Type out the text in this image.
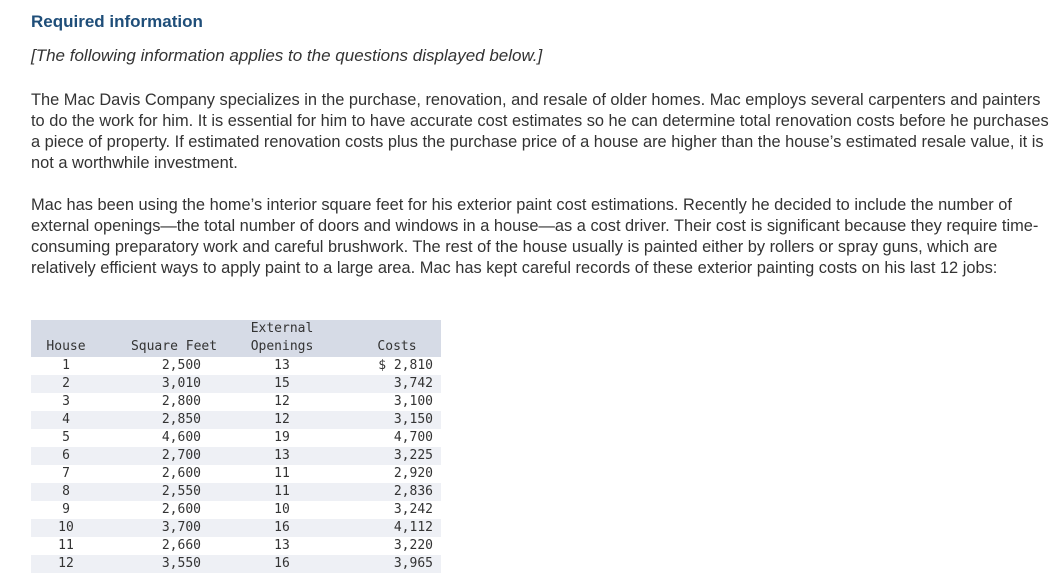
Required information
[The following information applies to the questions displayed below.]
The Mac Davis Company specializes in the purchase, renovation, and resale of older homes. Mac employs several carpenters and painters to do the work for him. It is essential for him to have accurate cost estimates so he can determine total renovation costs before he purchases a piece of property. If estimated renovation costs plus the purchase price of a house are higher than the house’s estimated resale value, it is not a worthwhile investment.
Mac has been using the home’s interior square feet for his exterior paint cost estimations. Recently he decided to include the number of external openings—the total number of doors and windows in a house—as a cost driver. Their cost is significant because they require time-consuming preparatory work and careful brushwork. The rest of the house usually is painted either by rollers or spray guns, which are relatively efficient ways to apply paint to a large area. Mac has kept careful records of these exterior painting costs on his last 12 jobs:
External
House	Square Feet	Openings	Costs
1	2,500	13	$ 2,810
2	3,010	15	3,742
3	2,800	12	3,100
4	2,850	12	3,150
5	4,600	19	4,700
6	2,700	13	3,225
7	2,600	11	2,920
8	2,550	11	2,836
9	2,600	10	3,242
10	3,700	16	4,112
11	2,660	13	3,220
12	3,550	16	3,965
